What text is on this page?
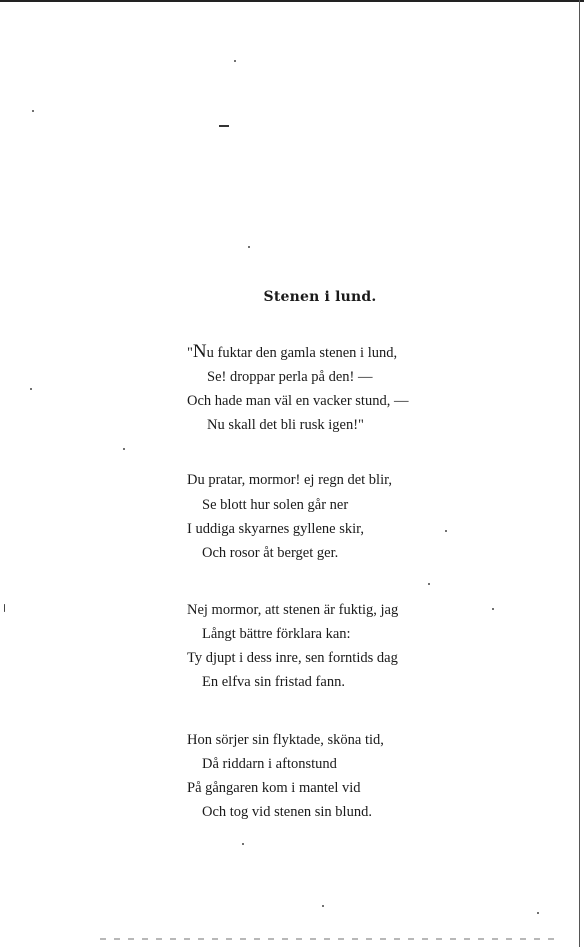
Stenen i lund.
"Nu fuktar den gamla stenen i lund,
Se! droppar perla på den! —
Och hade man väl en vacker stund, —
Nu skall det bli rusk igen!"
Du pratar, mormor! ej regn det blir,
Se blott hur solen går ner
I uddiga skyarnes gyllene skir,
Och rosor åt berget ger.
Nej mormor, att stenen är fuktig, jag
Långt bättre förklara kan:
Ty djupt i dess inre, sen forntids dag
En elfva sin fristad fann.
Hon sörjer sin flyktade, sköna tid,
Då riddarn i aftonstund
På gångaren kom i mantel vid
Och tog vid stenen sin blund.
